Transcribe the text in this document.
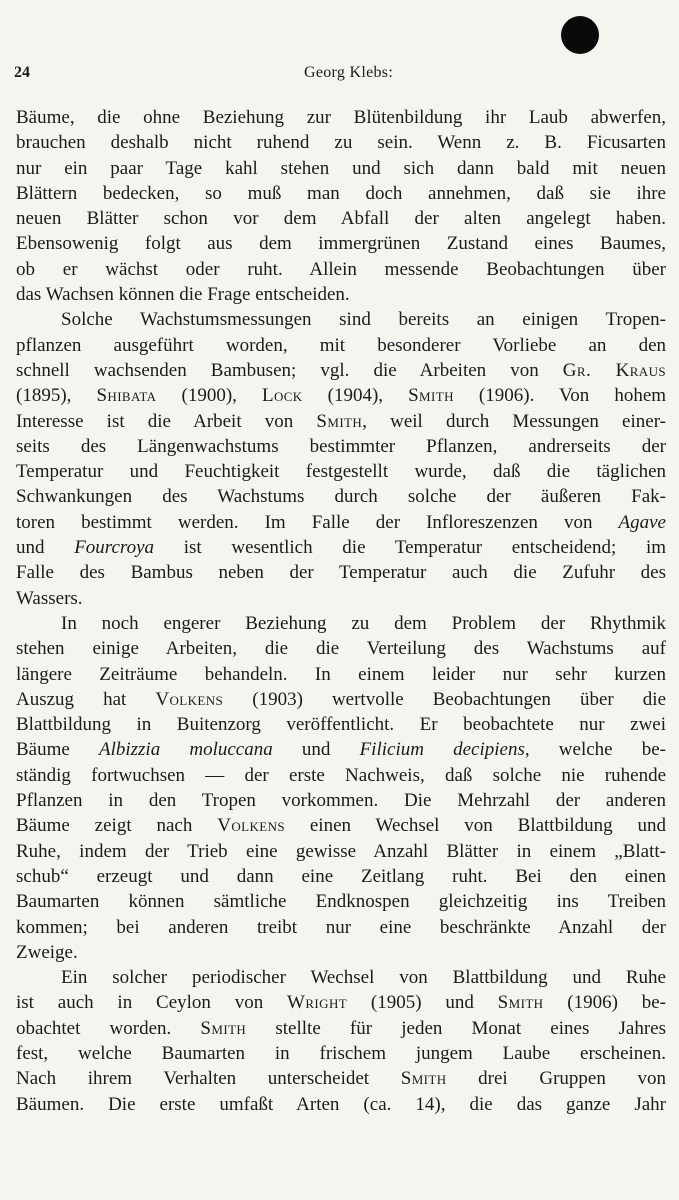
24	Georg Klebs:
Bäume, die ohne Beziehung zur Blütenbildung ihr Laub abwerfen,
brauchen deshalb nicht ruhend zu sein. Wenn z. B. Ficusarten
nur ein paar Tage kahl stehen und sich dann bald mit neuen
Blättern bedecken, so muß man doch annehmen, daß sie ihre
neuen Blätter schon vor dem Abfall der alten angelegt haben.
Ebensowenig folgt aus dem immergrünen Zustand eines Baumes,
ob er wächst oder ruht. Allein messende Beobachtungen über
das Wachsen können die Frage entscheiden.
Solche Wachstumsmessungen sind bereits an einigen Tropen-
pflanzen ausgeführt worden, mit besonderer Vorliebe an den
schnell wachsenden Bambusen; vgl. die Arbeiten von Gr. Kraus
(1895), Shibata (1900), Lock (1904), Smith (1906). Von hohem
Interesse ist die Arbeit von Smith, weil durch Messungen einer-
seits des Längenwachstums bestimmter Pflanzen, andrerseits der
Temperatur und Feuchtigkeit festgestellt wurde, daß die täglichen
Schwankungen des Wachstums durch solche der äußeren Fak-
toren bestimmt werden. Im Falle der Infloreszenzen von Agave
und Fourcroya ist wesentlich die Temperatur entscheidend; im
Falle des Bambus neben der Temperatur auch die Zufuhr des
Wassers.
In noch engerer Beziehung zu dem Problem der Rhythmik
stehen einige Arbeiten, die die Verteilung des Wachstums auf
längere Zeiträume behandeln. In einem leider nur sehr kurzen
Auszug hat Volkens (1903) wertvolle Beobachtungen über die
Blattbildung in Buitenzorg veröffentlicht. Er beobachtete nur zwei
Bäume Albizzia moluccana und Filicium decipiens, welche be-
ständig fortwuchsen — der erste Nachweis, daß solche nie ruhende
Pflanzen in den Tropen vorkommen. Die Mehrzahl der anderen
Bäume zeigt nach Volkens einen Wechsel von Blattbildung und
Ruhe, indem der Trieb eine gewisse Anzahl Blätter in einem „Blatt-
schub“ erzeugt und dann eine Zeitlang ruht. Bei den einen
Baumarten können sämtliche Endknospen gleichzeitig ins Treiben
kommen; bei anderen treibt nur eine beschränkte Anzahl der
Zweige.
Ein solcher periodischer Wechsel von Blattbildung und Ruhe
ist auch in Ceylon von Wright (1905) und Smith (1906) be-
obachtet worden. Smith stellte für jeden Monat eines Jahres
fest, welche Baumarten in frischem jungem Laube erscheinen.
Nach ihrem Verhalten unterscheidet Smith drei Gruppen von
Bäumen. Die erste umfaßt Arten (ca. 14), die das ganze Jahr
